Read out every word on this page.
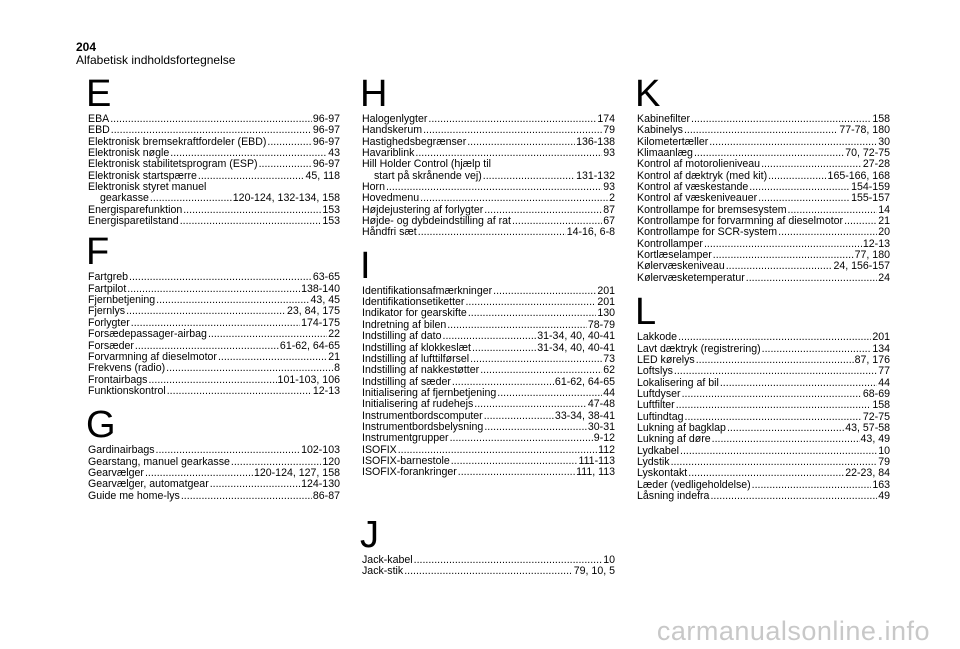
204
Alfabetisk indholdsfortegnelse
E
EBA .....	96-97
EBD .....	96-97
Elektronisk bremsekraftfordeler (EBD) .....	96-97
Elektronisk nøgle .....	43
Elektronisk stabilitetsprogram (ESP) .....	96-97
Elektronisk startspærre .....	45, 118
Elektronisk styret manuel
gearkasse .....	120-124, 132-134, 158
Energisparefunktion .....	153
Energisparetilstand .....	153
F
Fartgreb .....	63-65
Fartpilot .....	138-140
Fjernbetjening .....	43, 45
Fjernlys .....	23, 84, 175
Forlygter .....	174-175
Forsædepassager-airbag .....	22
Forsæder .....	61-62, 64-65
Forvarmning af dieselmotor .....	21
Frekvens (radio) .....	8
Frontairbags .....	101-103, 106
Funktionskontrol .....	12-13
G
Gardinairbags .....	102-103
Gearstang, manuel gearkasse .....	120
Gearvælger .....	120-124, 127, 158
Gearvælger, automatgear .....	124-130
Guide me home-lys .....	86-87
H
Halogenlygter .....	174
Handskerum .....	79
Hastighedsbegrænser .....	136-138
Havariblink .....	93
Hill Holder Control (hjælp til
start på skrånende vej) .....	131-132
Horn .....	93
Hovedmenu .....	2
Højdejustering af forlygter .....	87
Højde- og dybdeindstilling af rat .....	67
Håndfri sæt .....	14-16, 6-8
I
Identifikationsafmærkninger .....	201
Identifikationsetiketter .....	201
Indikator for gearskifte .....	130
Indretning af bilen .....	78-79
Indstilling af dato .....	31-34, 40, 40-41
Indstilling af klokkeslæt .....	31-34, 40, 40-41
Indstilling af lufttilførsel .....	73
Indstilling af nakkestøtter .....	62
Indstilling af sæder .....	61-62, 64-65
Initialisering af fjernbetjening .....	44
Initialisering af rudehejs .....	47-48
Instrumentbordscomputer .....	33-34, 38-41
Instrumentbordsbelysning .....	30-31
Instrumentgrupper .....	9-12
ISOFIX .....	112
ISOFIX-barnestole .....	111-113
ISOFIX-forankringer .....	111, 113
J
Jack-kabel .....	10
Jack-stik .....	79, 10, 5
K
Kabinefilter .....	158
Kabinelys .....	77-78, 180
Kilometertæller .....	30
Klimaanlæg .....	70, 72-75
Kontrol af motorolieniveau .....	27-28
Kontrol af dæktryk (med kit) .....	165-166, 168
Kontrol af væskestande .....	154-159
Kontrol af væskeniveauer .....	155-157
Kontrollampe for bremsesystem .....	14
Kontrollampe for forvarmning af dieselmotor .....	21
Kontrollampe for SCR-system .....	20
Kontrollamper .....	12-13
Kortlæselamper .....	77, 180
Kølervæskeniveau .....	24, 156-157
Kølervæsketemperatur .....	24
L
Lakkode .....	201
Lavt dæktryk (registrering) .....	134
LED kørelys .....	87, 176
Loftslys .....	77
Lokalisering af bil .....	44
Luftdyser .....	68-69
Luftfilter .....	158
Luftindtag .....	72-75
Lukning af bagklap .....	43, 57-58
Lukning af døre .....	43, 49
Lydkabel .....	10
Lydstik .....	79
Lyskontakt .....	22-23, 84
Læder (vedligeholdelse) .....	163
Låsning indefra .....	49
carmanualsonline.info
